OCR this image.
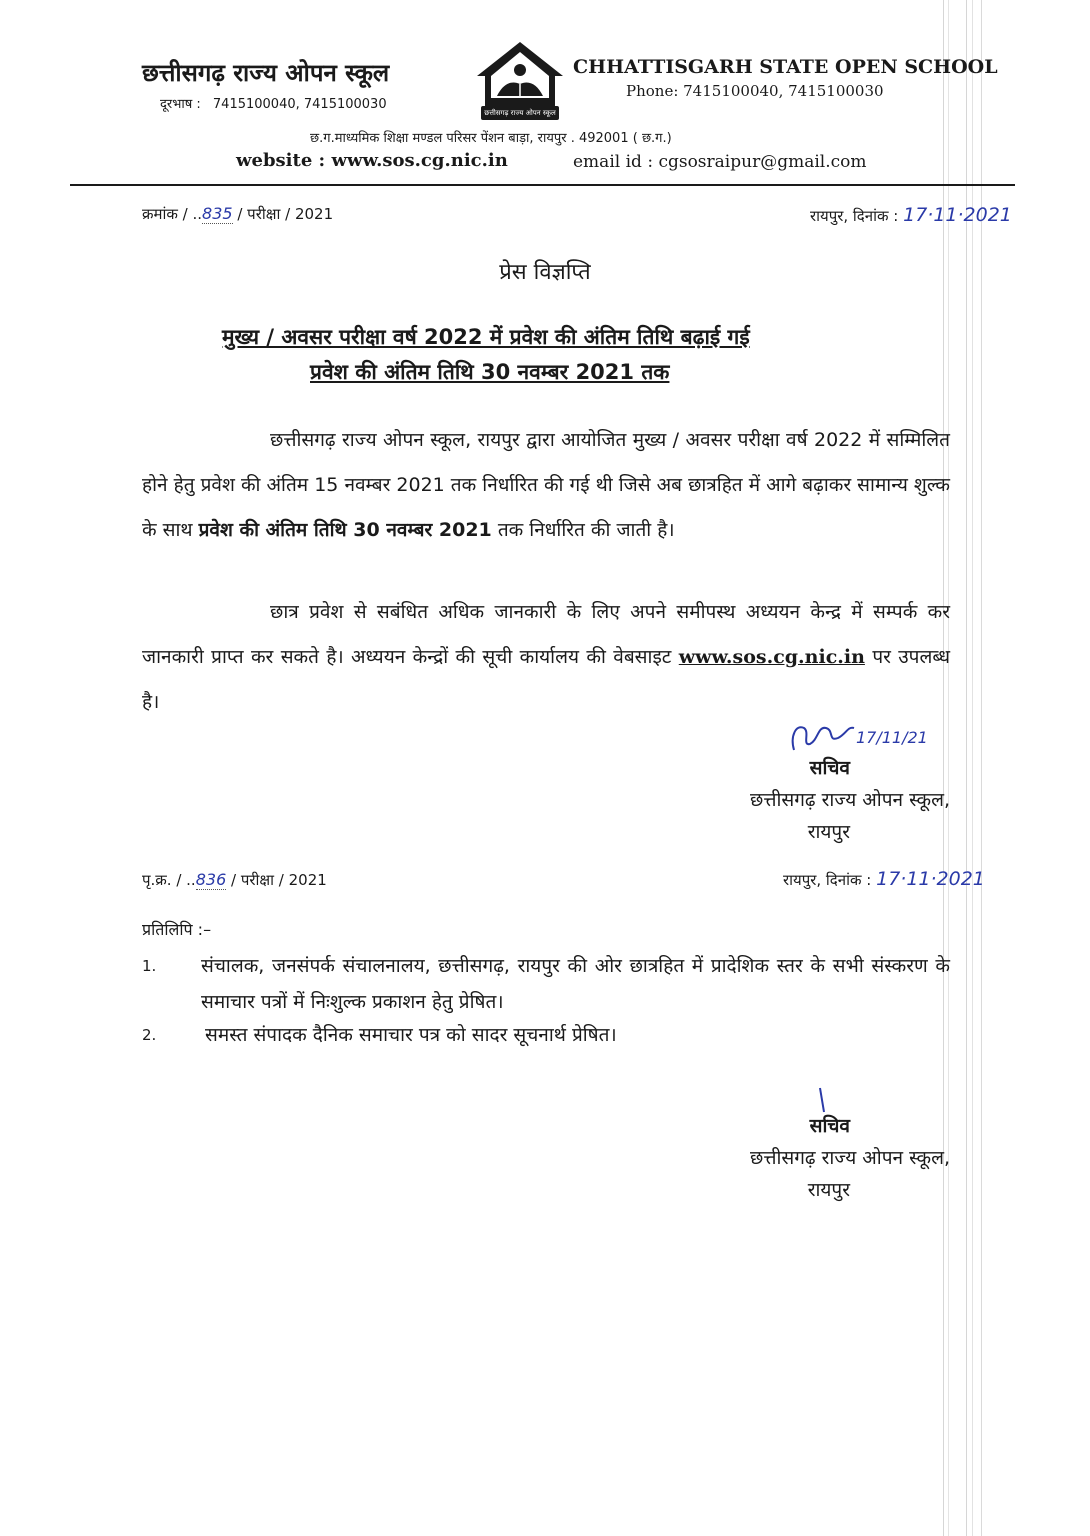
छत्तीसगढ़ राज्य ओपन स्कूल
दूरभाष : 7415100040, 7415100030
छत्तीसगढ़ राज्य ओपन स्कूल
CHHATTISGARH STATE OPEN SCHOOL
Phone: 7415100040, 7415100030
छ.ग.माध्यमिक शिक्षा मण्डल परिसर पेंशन बाड़ा, रायपुर . 492001 ( छ.ग.)
website : www.sos.cg.nic.in	email id : cgsosraipur@gmail.com
क्रमांक / ..835 / परीक्षा / 2021	रायपुर, दिनांक : 17·11·2021
प्रेस विज्ञप्ति
मुख्य / अवसर परीक्षा वर्ष 2022 में प्रवेश की अंतिम तिथि बढ़ाई गई
प्रवेश की अंतिम तिथि 30 नवम्बर 2021 तक
छत्तीसगढ़ राज्य ओपन स्कूल, रायपुर द्वारा आयोजित मुख्य / अवसर परीक्षा वर्ष 2022 में सम्मिलित होने हेतु प्रवेश की अंतिम 15 नवम्बर 2021 तक निर्धारित की गई थी जिसे अब छात्रहित में आगे बढ़ाकर सामान्य शुल्क के साथ प्रवेश की अंतिम तिथि 30 नवम्बर 2021 तक निर्धारित की जाती है।
छात्र प्रवेश से सबंधित अधिक जानकारी के लिए अपने समीपस्थ अध्ययन केन्द्र में सम्पर्क कर जानकारी प्राप्त कर सकते है। अध्ययन केन्द्रों की सूची कार्यालय की वेबसाइट www.sos.cg.nic.in पर उपलब्ध है।
17/11/21
सचिव
छत्तीसगढ़ राज्य ओपन स्कूल,
रायपुर
पृ.क्र. / ..836 / परीक्षा / 2021	रायपुर, दिनांक : 17·11·2021
प्रतिलिपि :–
1. संचालक, जनसंपर्क संचालनालय, छत्तीसगढ़, रायपुर की ओर छात्रहित में प्रादेशिक स्तर के सभी संस्करण के समाचार पत्रों में निःशुल्क प्रकाशन हेतु प्रेषित।
2.	समस्त संपादक दैनिक समाचार पत्र को सादर सूचनार्थ प्रेषित।
सचिव
छत्तीसगढ़ राज्य ओपन स्कूल,
रायपुर
